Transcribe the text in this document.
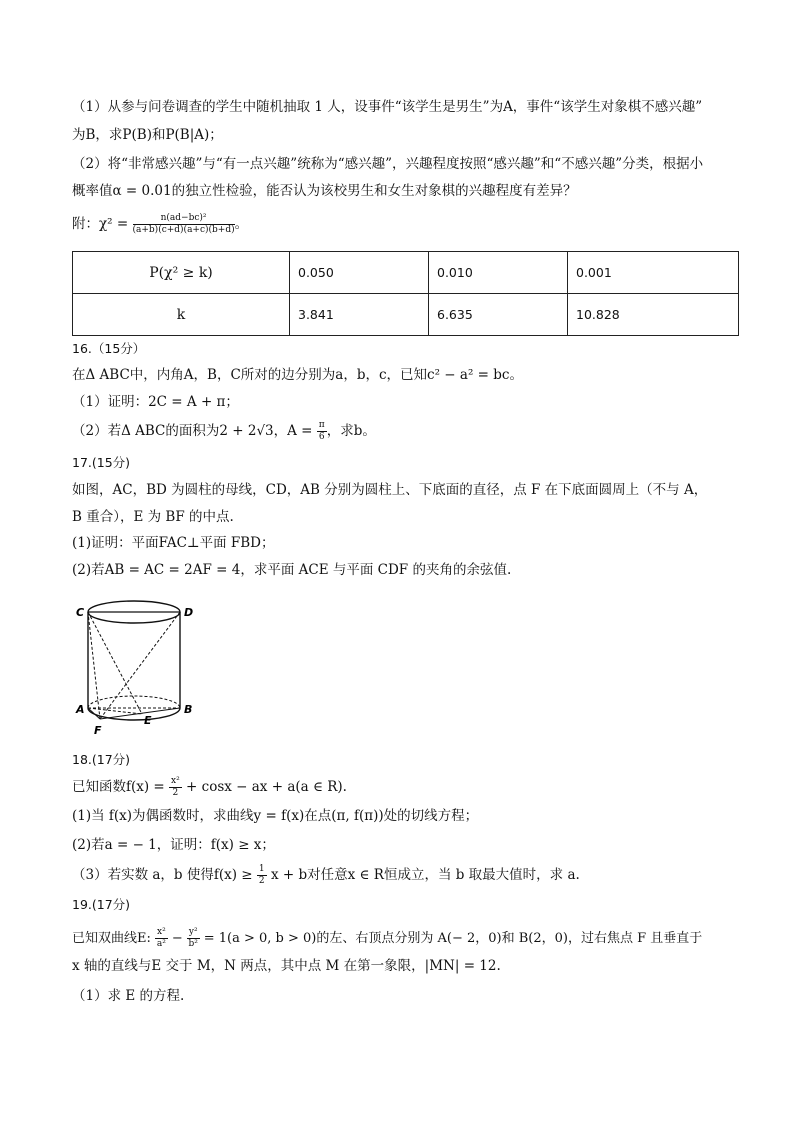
（1）从参与问卷调查的学生中随机抽取 1 人，设事件“该学生是男生”为A，事件“该学生对象棋不感兴趣”
为B，求P(B)和P(B|A)；
（2）将“非常感兴趣”与“有一点兴趣”统称为“感兴趣”，兴趣程度按照“感兴趣”和“不感兴趣”分类，根据小
概率值α = 0.01的独立性检验，能否认为该校男生和女生对象棋的兴趣程度有差异？
附：$\chi^2 = \frac{\text{n(ad−bc)²}}{(a+b)(c+d)(a+c)(b+d)}$ 。
P(χ² ≥ k)	0.050	0.010	0.001
k	3.841	6.635	10.828
16.（15分）
在Δ ABC中，内角A，B，C所对的边分别为a，b，c，已知c² − a² = bc。
（1）证明：2C = A + π；
（2）若Δ ABC的面积为2 + 2√3，$A = \frac{\pi}{6}$ ，求b。
17.(15分)
如图，AC，BD 为圆柱的母线，CD，AB 分别为圆柱上、下底面的直径，点 F 在下底面圆周上（不与 A，
B 重合），E 为 BF 的中点.
(1)证明：平面FAC⊥平面 FBD；
(2)若AB = AC = 2AF = 4，求平面 ACE 与平面 CDF 的夹角的余弦值.
C	D
A	B
E
F
18.(17分)
已知函数$f(x) = \frac{\text{x²}}{2} + \cos x$ − ax + a(a ∈ R).
(1)当 f(x)为偶函数时，求曲线y = f(x)在点(π, f(π))处的切线方程；
(2)若a = − 1，证明：f(x) ≥ x；
（3）若实数 a，b 使得$f(x) \ge \frac{1}{2}$ x + b对任意x ∈ R恒成立，当 b 取最大值时，求 a.
19.(17分)
已知双曲线E: $\frac{\text{x²}}{\text{a²}} - \frac{\text{y²}}{\text{b²}} = 1(a > 0$, b > 0)的左、右顶点分别为 A(− 2，0)和 B(2，0)，过右焦点 F 且垂直于
x 轴的直线与E 交于 M，N 两点，其中点 M 在第一象限，|MN| = 12.
（1）求 E 的方程.
